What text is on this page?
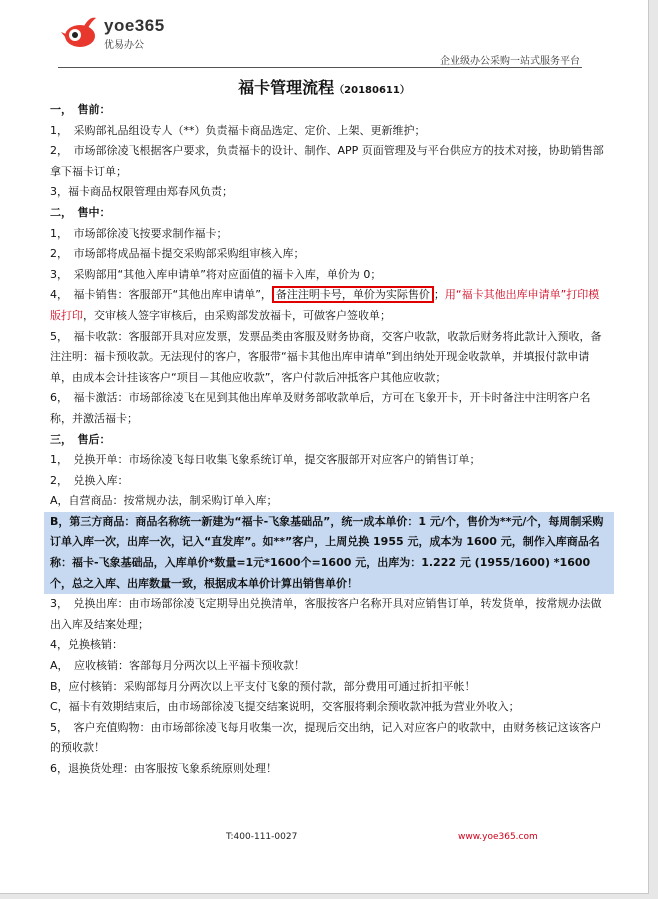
yoe365
优易办公
企业级办公采购一站式服务平台
福卡管理流程（20180611）

一，　售前：

1，　采购部礼品组设专人（**）负责福卡商品选定、定价、上架、更新维护；

2，　市场部徐凌飞根据客户要求，负责福卡的设计、制作、APP 页面管理及与平台供应方的技术对接，协助销售部拿下福卡订单；

3，福卡商品权限管理由郑春风负责；

二，　售中：

1，　市场部徐凌飞按要求制作福卡；

2，　市场部将成品福卡提交采购部采购组审核入库；

3，　采购部用“其他入库申请单”将对应面值的福卡入库，单价为 0；

4，　福卡销售：客服部开“其他出库申请单”， 备注注明卡号，单价为实际售价 ；用“福卡其他出库申请单”打印模版打印，交审核人签字审核后，由采购部发放福卡，可做客户签收单；

5，　福卡收款：客服部开具对应发票，发票品类由客服及财务协商，交客户收款，收款后财务将此款计入预收，备注注明：福卡预收款。无法现付的客户，客服带“福卡其他出库申请单”到出纳处开现金收款单，并填报付款申请单，由成本会计挂该客户“项目－其他应收款”，客户付款后冲抵客户其他应收款；

6，　福卡激活：市场部徐凌飞在见到其他出库单及财务部收款单后，方可在飞象开卡，开卡时备注中注明客户名称，并激活福卡；

三，　售后：

1，　兑换开单：市场徐凌飞每日收集飞象系统订单，提交客服部开对应客户的销售订单；

2，　兑换入库：

A，自营商品：按常规办法，制采购订单入库；

B，第三方商品：商品名称统一新建为“福卡-飞象基础品”，统一成本单价：1 元/个，售价为**元/个，每周制采购订单入库一次，出库一次，记入“直发库”。如**”客户，上周兑换 1955 元，成本为 1600 元，制作入库商品名称：福卡-飞象基础品，入库单价*数量=1元*1600个=1600 元，出库为：1.222 元 (1955/1600) *1600 个，总之入库、出库数量一致，根据成本单价计算出销售单价！

3，　兑换出库：由市场部徐凌飞定期导出兑换清单，客服按客户名称开具对应销售订单，转发货单，按常规办法做出入库及结案处理；

4，兑换核销：

A，　应收核销：客部每月分两次以上平福卡预收款！

B，应付核销：采购部每月分两次以上平支付飞象的预付款，部分费用可通过折扣平帐！

C，福卡有效期结束后，由市场部徐凌飞提交结案说明，交客服将剩余预收款冲抵为营业外收入；

5，　客户充值购物：由市场部徐凌飞每月收集一次，提现后交出纳，记入对应客户的收款中，由财务核记这该客户的预收款！

6，退换货处理：由客服按飞象系统原则处理！

T:400-111-0027	www.yoe365.com
